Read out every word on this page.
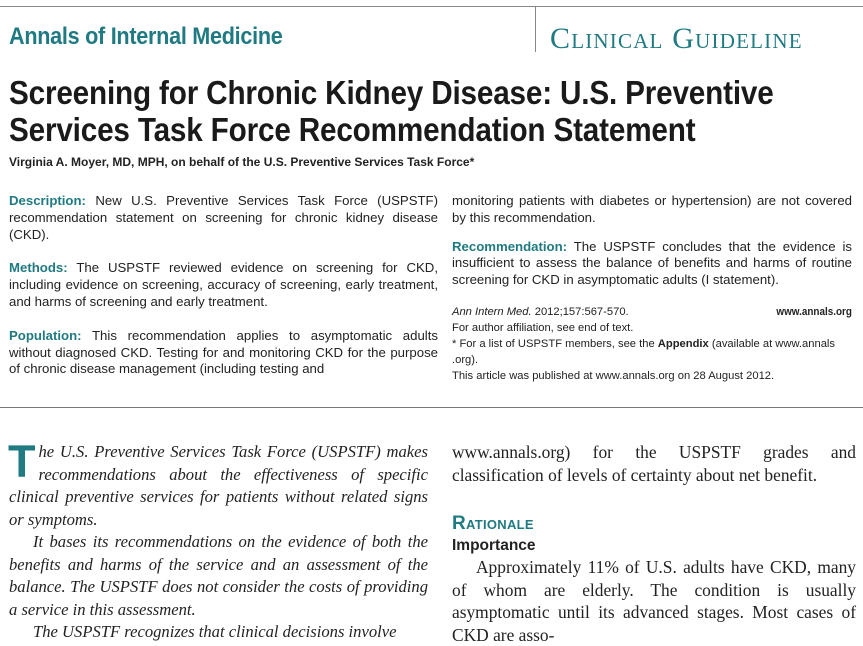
Annals of Internal Medicine	Clinical Guideline
Screening for Chronic Kidney Disease: U.S. Preventive Services Task Force Recommendation Statement
Virginia A. Moyer, MD, MPH, on behalf of the U.S. Preventive Services Task Force*

Description: New U.S. Preventive Services Task Force (USPSTF) recommendation statement on screening for chronic kidney disease (CKD).

Methods: The USPSTF reviewed evidence on screening for CKD, including evidence on screening, accuracy of screening, early treatment, and harms of screening and early treatment.

Population: This recommendation applies to asymptomatic adults without diagnosed CKD. Testing for and monitoring CKD for the purpose of chronic disease management (including testing and

monitoring patients with diabetes or hypertension) are not covered by this recommendation.

Recommendation: The USPSTF concludes that the evidence is insufficient to assess the balance of benefits and harms of routine screening for CKD in asymptomatic adults (I statement).

Ann Intern Med. 2012;157:567-570.	www.annals.org
For author affiliation, see end of text.
* For a list of USPSTF members, see the Appendix (available at www.annals .org).
This article was published at www.annals.org on 28 August 2012.

The U.S. Preventive Services Task Force (USPSTF) makes recommendations about the effectiveness of specific clinical preventive services for patients without related signs or symptoms.

It bases its recommendations on the evidence of both the benefits and harms of the service and an assessment of the balance. The USPSTF does not consider the costs of providing a service in this assessment.

The USPSTF recognizes that clinical decisions involve

www.annals.org) for the USPSTF grades and classification of levels of certainty about net benefit.

Rationale
Importance

Approximately 11% of U.S. adults have CKD, many of whom are elderly. The condition is usually asymptomatic until its advanced stages. Most cases of CKD are asso-
